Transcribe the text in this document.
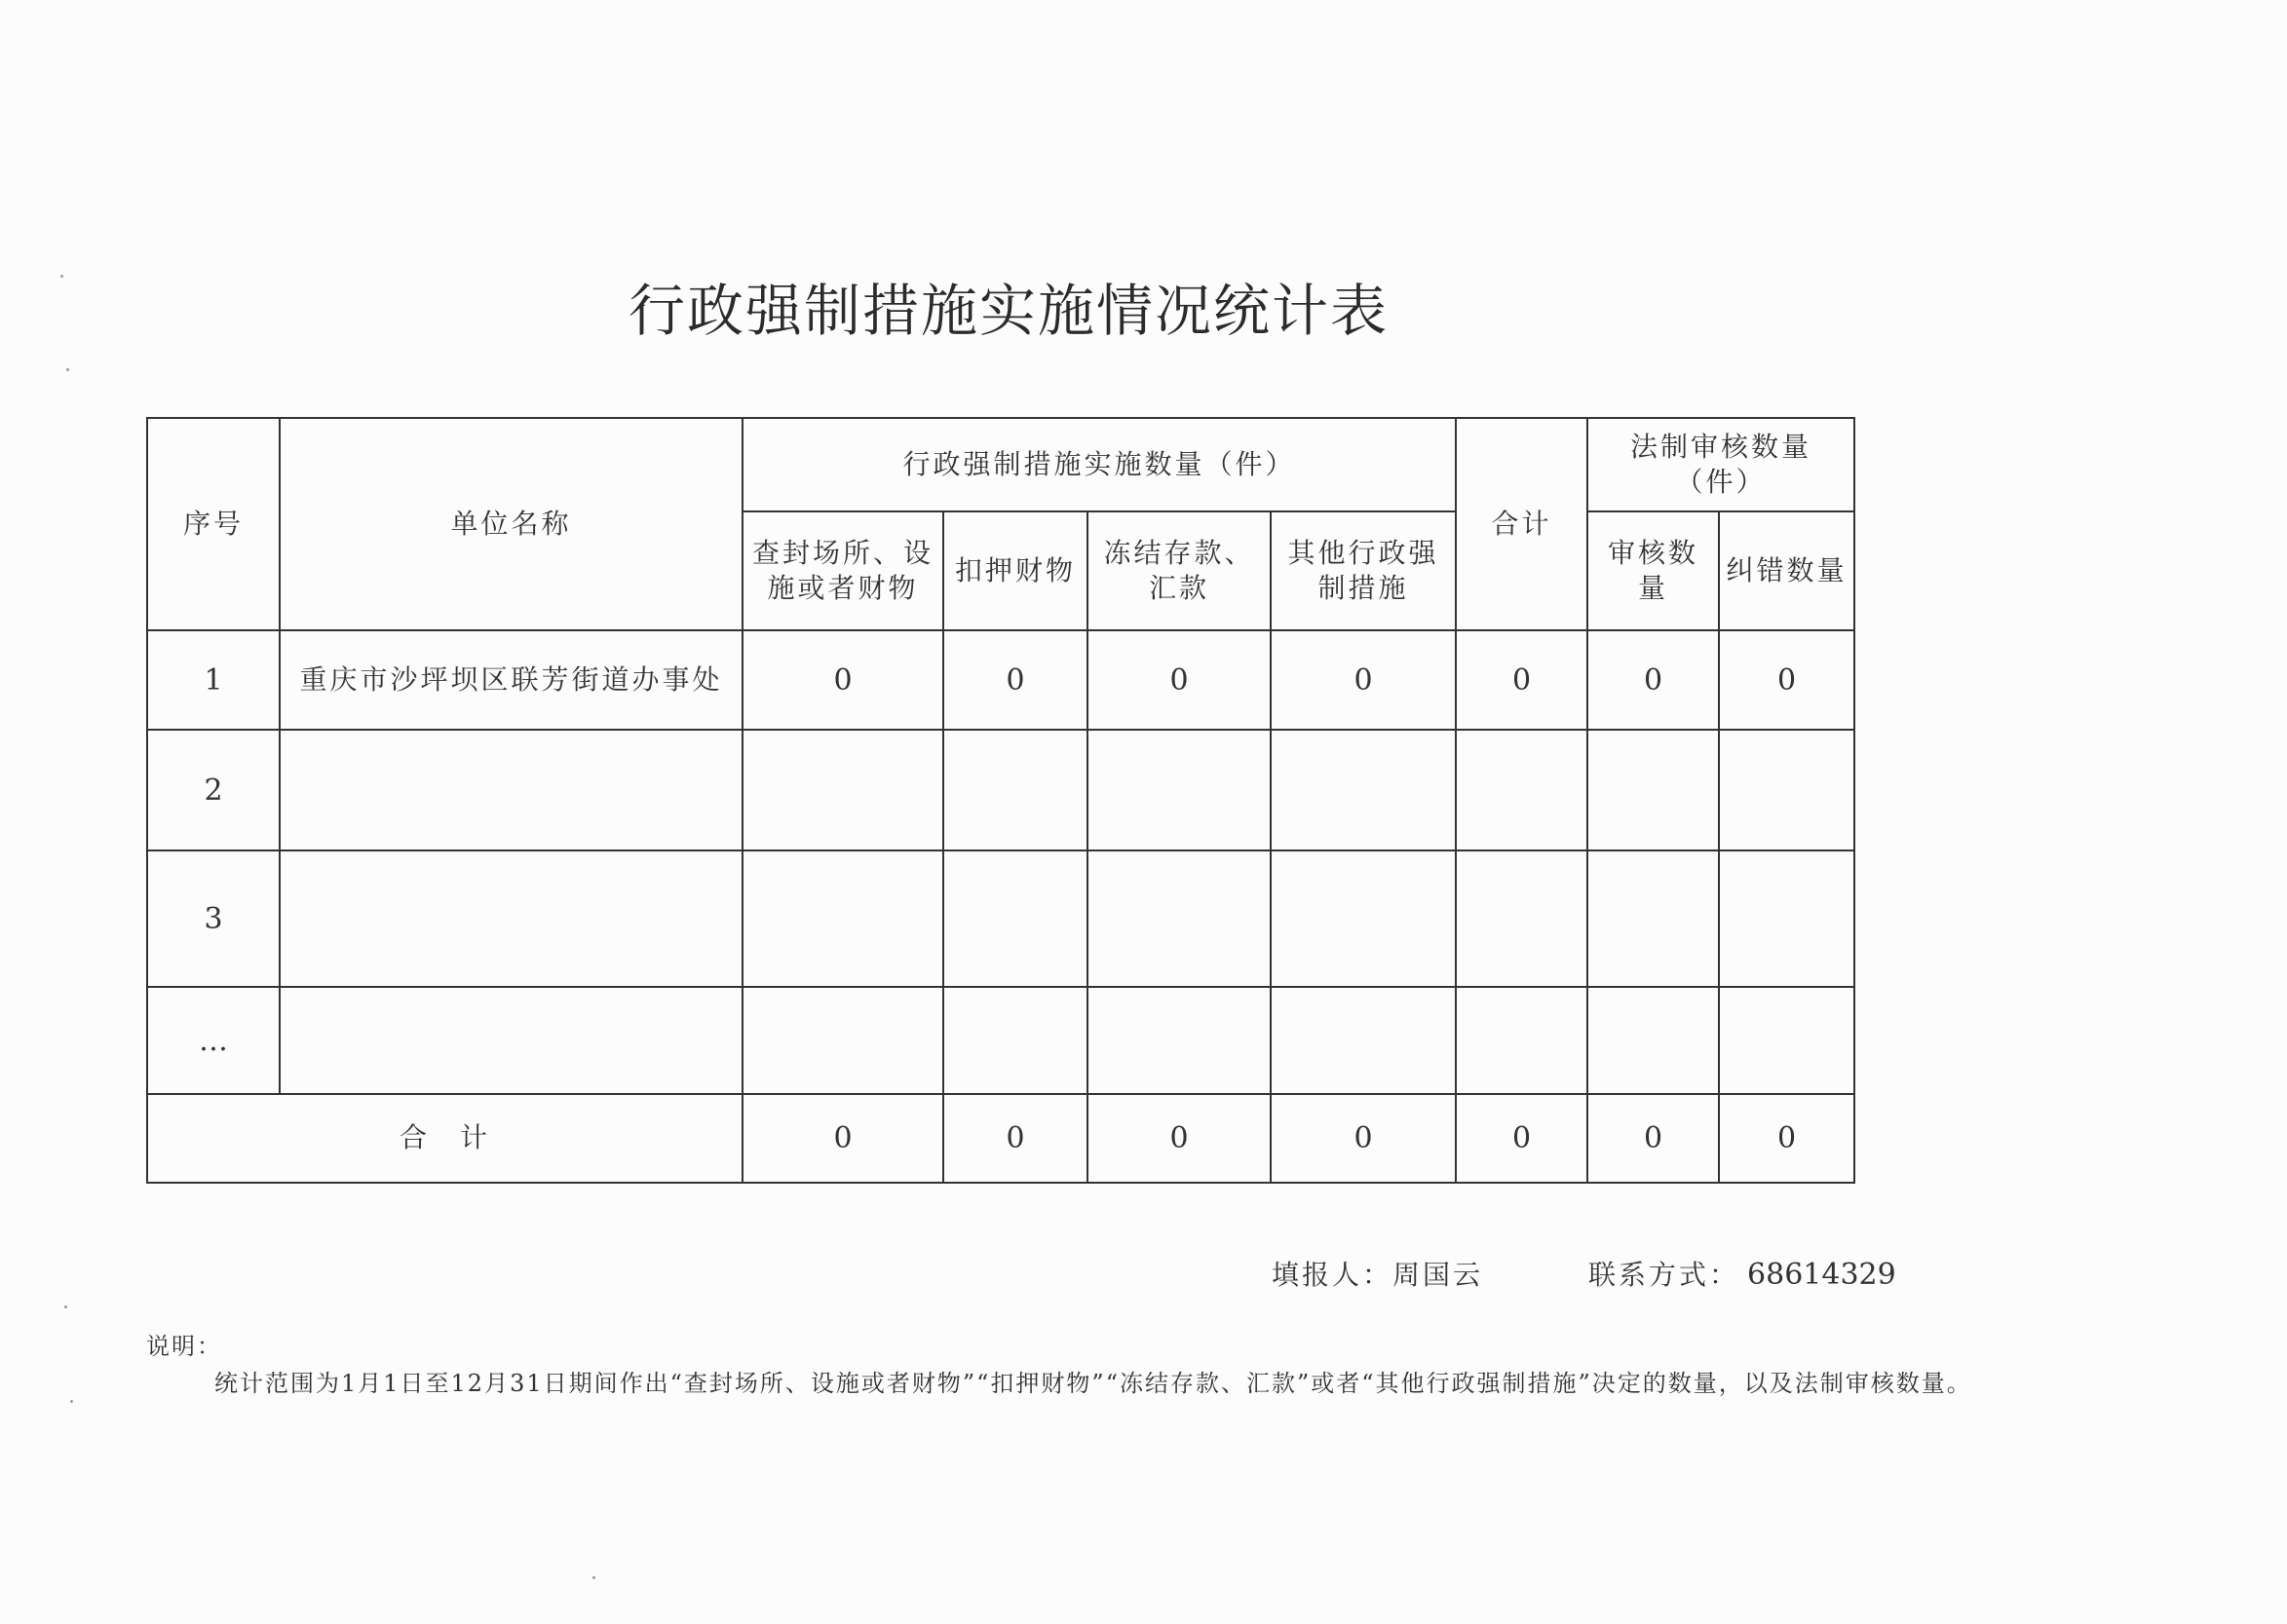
行政强制措施实施情况统计表
序号	单位名称	行政强制措施实施数量（件）				合计	法制审核数量（件）	
		查封场所、设施或者财物	扣押财物	冻结存款、汇款	其他行政强制措施		审核数量	纠错数量
1	重庆市沙坪坝区联芳街道办事处	0	0	0	0	0	0	0
2								
3								
…								
合　计		0	0	0	0	0	0	0
填报人：周国云	联系方式： 68614329
说明：
统计范围为1月1日至12月31日期间作出“查封场所、设施或者财物”“扣押财物”“冻结存款、汇款”或者“其他行政强制措施”决定的数量，以及法制审核数量。
